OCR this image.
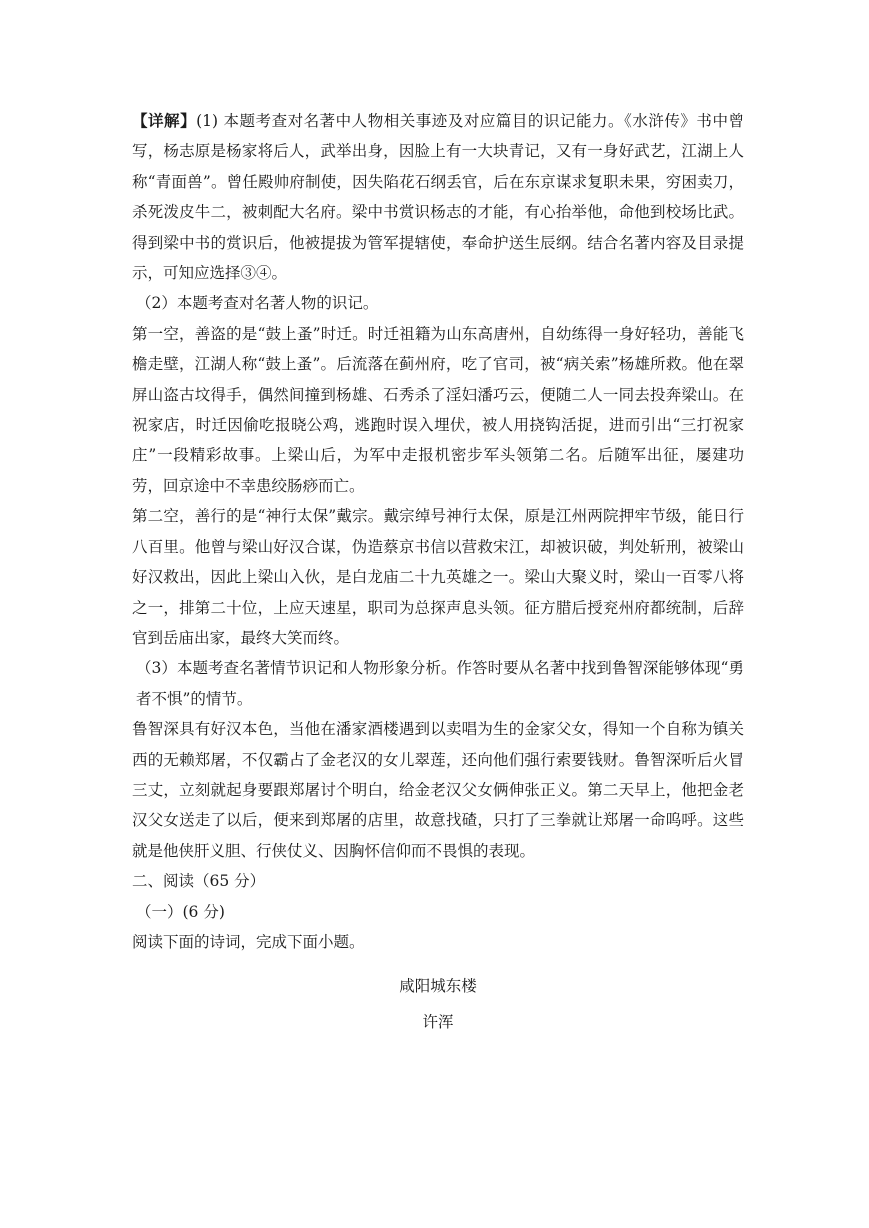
【详解】(1) 本题考查对名著中人物相关事迹及对应篇目的识记能力。《水浒传》书中曾写，杨志原是杨家将后人，武举出身，因脸上有一大块青记，又有一身好武艺，江湖上人称“青面兽”。曾任殿帅府制使，因失陷花石纲丢官，后在东京谋求复职未果，穷困卖刀，杀死泼皮牛二，被刺配大名府。梁中书赏识杨志的才能，有心抬举他，命他到校场比武。得到梁中书的赏识后，他被提拔为管军提辖使，奉命护送生辰纲。结合名著内容及目录提示，可知应选择③④。

（2）本题考查对名著人物的识记。

第一空，善盗的是“鼓上蚤”时迁。时迁祖籍为山东高唐州，自幼练得一身好轻功，善能飞檐走壁，江湖人称“鼓上蚤”。后流落在蓟州府，吃了官司，被“病关索”杨雄所救。他在翠屏山盗古坟得手，偶然间撞到杨雄、石秀杀了淫妇潘巧云，便随二人一同去投奔梁山。在祝家店，时迁因偷吃报晓公鸡，逃跑时误入埋伏，被人用挠钩活捉，进而引出“三打祝家庄”一段精彩故事。上梁山后，为军中走报机密步军头领第二名。后随军出征，屡建功劳，回京途中不幸患绞肠痧而亡。

第二空，善行的是“神行太保”戴宗。戴宗绰号神行太保，原是江州两院押牢节级，能日行八百里。他曾与梁山好汉合谋，伪造蔡京书信以营救宋江，却被识破，判处斩刑，被梁山好汉救出，因此上梁山入伙，是白龙庙二十九英雄之一。梁山大聚义时，梁山一百零八将之一，排第二十位，上应天速星，职司为总探声息头领。征方腊后授兖州府都统制，后辞官到岳庙出家，最终大笑而终。

（3）本题考查名著情节识记和人物形象分析。作答时要从名著中找到鲁智深能够体现“勇者不惧”的情节。

鲁智深具有好汉本色，当他在潘家酒楼遇到以卖唱为生的金家父女，得知一个自称为镇关西的无赖郑屠，不仅霸占了金老汉的女儿翠莲，还向他们强行索要钱财。鲁智深听后火冒三丈，立刻就起身要跟郑屠讨个明白，给金老汉父女俩伸张正义。第二天早上，他把金老汉父女送走了以后，便来到郑屠的店里，故意找碴，只打了三拳就让郑屠一命呜呼。这些就是他侠肝义胆、行侠仗义、因胸怀信仰而不畏惧的表现。

二、阅读（65 分）

（一）(6 分)

阅读下面的诗词，完成下面小题。

咸阳城东楼

许浑
